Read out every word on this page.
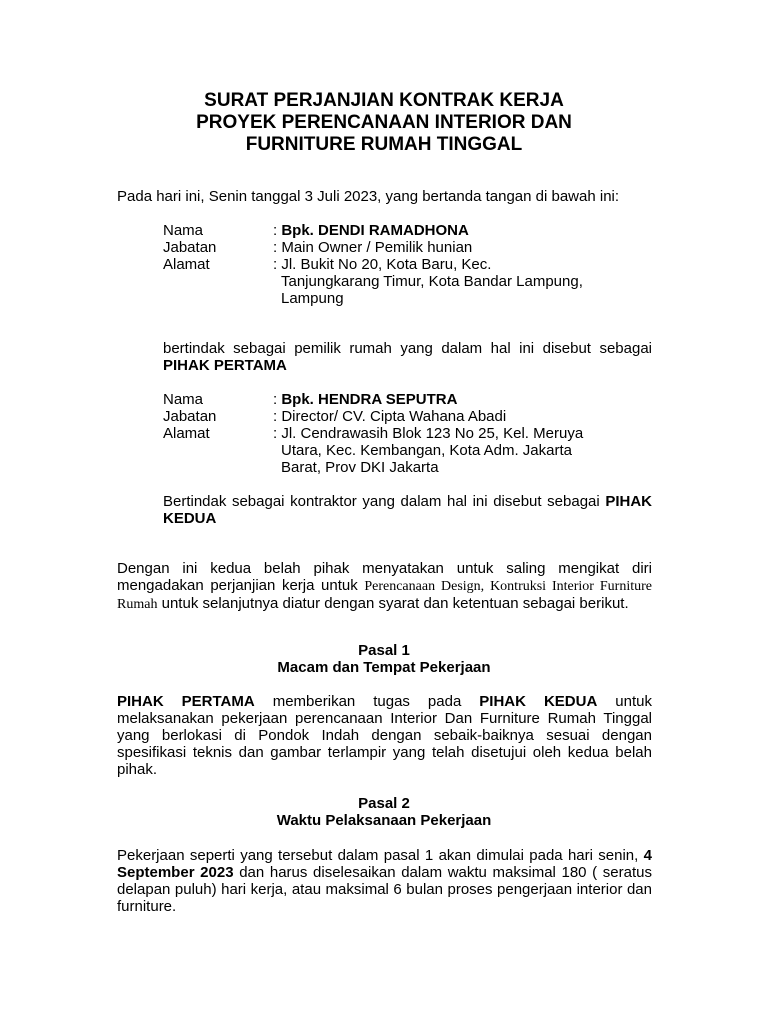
SURAT PERJANJIAN KONTRAK KERJA
PROYEK PERENCANAAN INTERIOR DAN
FURNITURE RUMAH TINGGAL
Pada hari ini, Senin tanggal 3 Juli 2023, yang bertanda tangan di bawah ini:
Nama	: Bpk. DENDI RAMADHONA
Jabatan	: Main Owner / Pemilik hunian
Alamat	: Jl. Bukit No 20, Kota Baru, Kec.
Tanjungkarang Timur, Kota Bandar Lampung,
Lampung
bertindak sebagai pemilik rumah yang dalam hal ini disebut sebagai PIHAK PERTAMA
Nama	: Bpk. HENDRA SEPUTRA
Jabatan	: Director/ CV. Cipta Wahana Abadi
Alamat	: Jl. Cendrawasih Blok 123 No 25, Kel. Meruya
Utara, Kec. Kembangan, Kota Adm. Jakarta
Barat, Prov DKI Jakarta
Bertindak sebagai kontraktor yang dalam hal ini disebut sebagai PIHAK KEDUA
Dengan ini kedua belah pihak menyatakan untuk saling mengikat diri mengadakan perjanjian kerja untuk Perencanaan Design, Kontruksi Interior Furniture Rumah untuk selanjutnya diatur dengan syarat dan ketentuan sebagai berikut.
Pasal 1
Macam dan Tempat Pekerjaan
PIHAK PERTAMA memberikan tugas pada PIHAK KEDUA untuk melaksanakan pekerjaan perencanaan Interior Dan Furniture Rumah Tinggal yang berlokasi di Pondok Indah dengan sebaik-baiknya sesuai dengan spesifikasi teknis dan gambar terlampir yang telah disetujui oleh kedua belah pihak.
Pasal 2
Waktu Pelaksanaan Pekerjaan
Pekerjaan seperti yang tersebut dalam pasal 1 akan dimulai pada hari senin, 4 September 2023 dan harus diselesaikan dalam waktu maksimal 180 ( seratus delapan puluh) hari kerja, atau maksimal 6 bulan proses pengerjaan interior dan furniture.
